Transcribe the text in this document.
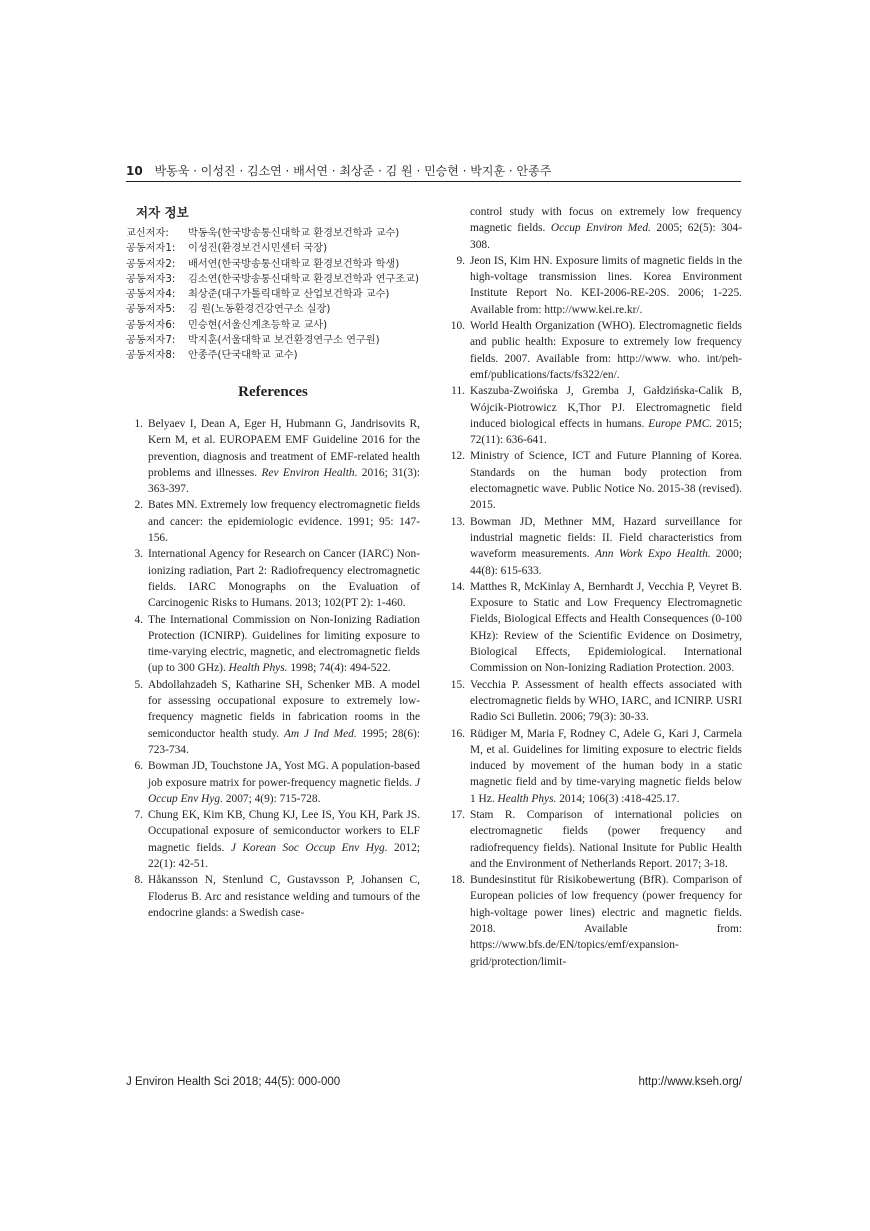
10 박동욱 · 이성진 · 김소연 · 배서연 · 최상준 · 김 원 · 민승현 · 박지훈 · 안종주
저자 정보
교신저자:	박동욱(한국방송통신대학교 환경보건학과 교수)
공동저자1:	이성진(환경보건시민센터 국장)
공동저자2:	배서연(한국방송통신대학교 환경보건학과 학생)
공동저자3:	김소연(한국방송통신대학교 환경보건학과 연구조교)
공동저자4:	최상준(대구가톨릭대학교 산업보건학과 교수)
공동저자5:	김 원(노동환경건강연구소 실장)
공동저자6:	민승현(서울신계초등학교 교사)
공동저자7:	박지훈(서울대학교 보건환경연구소 연구원)
공동저자8:	안종주(단국대학교 교수)
References
1. Belyaev I, Dean A, Eger H, Hubmann G, Jandrisovits R, Kern M, et al. EUROPAEM EMF Guideline 2016 for the prevention, diagnosis and treatment of EMF-related health problems and illnesses. Rev Environ Health. 2016; 31(3): 363-397.
2. Bates MN. Extremely low frequency electromagnetic fields and cancer: the epidemiologic evidence. 1991; 95: 147-156.
3. International Agency for Research on Cancer (IARC) Non-ionizing radiation, Part 2: Radiofrequency electromagnetic fields. IARC Monographs on the Evaluation of Carcinogenic Risks to Humans. 2013; 102(PT 2): 1-460.
4. The International Commission on Non-Ionizing Radiation Protection (ICNIRP). Guidelines for limiting exposure to time-varying electric, magnetic, and electromagnetic fields (up to 300 GHz). Health Phys. 1998; 74(4): 494-522.
5. Abdollahzadeh S, Katharine SH, Schenker MB. A model for assessing occupational exposure to extremely low-frequency magnetic fields in fabrication rooms in the semiconductor health study. Am J Ind Med. 1995; 28(6): 723-734.
6. Bowman JD, Touchstone JA, Yost MG. A population-based job exposure matrix for power-frequency magnetic fields. J Occup Env Hyg. 2007; 4(9): 715-728.
7. Chung EK, Kim KB, Chung KJ, Lee IS, You KH, Park JS. Occupational exposure of semiconductor workers to ELF magnetic fields. J Korean Soc Occup Env Hyg. 2012; 22(1): 42-51.
8. Håkansson N, Stenlund C, Gustavsson P, Johansen C, Floderus B. Arc and resistance welding and tumours of the endocrine glands: a Swedish case-
control study with focus on extremely low frequency magnetic fields. Occup Environ Med. 2005; 62(5): 304-308.
9. Jeon IS, Kim HN. Exposure limits of magnetic fields in the high-voltage transmission lines. Korea Environment Institute Report No. KEI-2006-RE-20S. 2006; 1-225. Available from: http://www.kei.re.kr/.
10. World Health Organization (WHO). Electromagnetic fields and public health: Exposure to extremely low frequency fields. 2007. Available from: http://www. who. int/peh-emf/publications/facts/fs322/en/.
11. Kaszuba-Zwoińska J, Gremba J, Gałdzińska-Calik B, Wójcik-Piotrowicz K,Thor PJ. Electromagnetic field induced biological effects in humans. Europe PMC. 2015; 72(11): 636-641.
12. Ministry of Science, ICT and Future Planning of Korea. Standards on the human body protection from electomagnetic wave. Public Notice No. 2015-38 (revised). 2015.
13. Bowman JD, Methner MM, Hazard surveillance for industrial magnetic fields: II. Field characteristics from waveform measurements. Ann Work Expo Health. 2000; 44(8): 615-633.
14. Matthes R, McKinlay A, Bernhardt J, Vecchia P, Veyret B. Exposure to Static and Low Frequency Electromagnetic Fields, Biological Effects and Health Consequences (0-100 KHz): Review of the Scientific Evidence on Dosimetry, Biological Effects, Epidemiological. International Commission on Non-Ionizing Radiation Protection. 2003.
15. Vecchia P. Assessment of health effects associated with electromagnetic fields by WHO, IARC, and ICNIRP. USRI Radio Sci Bulletin. 2006; 79(3): 30-33.
16. Rüdiger M, Maria F, Rodney C, Adele G, Kari J, Carmela M, et al. Guidelines for limiting exposure to electric fields induced by movement of the human body in a static magnetic field and by time-varying magnetic fields below 1 Hz. Health Phys. 2014; 106(3) :418-425.17.
17. Stam R. Comparison of international policies on electromagnetic fields (power frequency and radiofrequency fields). National Insitute for Public Health and the Environment of Netherlands Report. 2017; 3-18.
18. Bundesinstitut für Risikobewertung (BfR). Comparison of European policies of low frequency (power frequency for high-voltage power lines) electric and magnetic fields. 2018. Available from: https://www.bfs.de/EN/topics/emf/expansion-grid/protection/limit-
J Environ Health Sci 2018; 44(5): 000-000	http://www.kseh.org/
